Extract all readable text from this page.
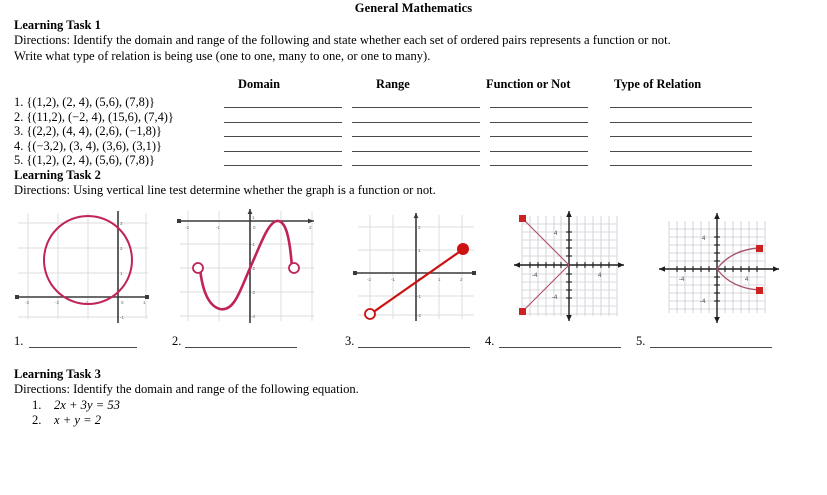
General Mathematics
Learning Task 1
Directions: Identify the domain and range of the following and state whether each set of ordered pairs represents a function or not.
Write what type of relation is being use (one to one, many to one, or one to many).
Domain	Range	Function or Not	Type of Relation
1. {(1,2), (2, 4), (5,6), (7,8)}
2. {(11,2), (−2, 4), (15,6), (7,4)}
3. {(2,2), (4, 4), (2,6), (−1,8)}
4. {(−3,2), (3, 4), (3,6), (3,1)}
5. {(1,2), (2, 4), (5,6), (7,8)}
Learning Task 2
Directions: Using vertical line test determine whether the graph is a function or not.
-3	-2	-1	0	1
1
2
3
-1
-2	-1	0	2
1
-1
-2
-3
-4
-2	-1	1	2
1
2
-1
-2
-4	4
4
-4
-4	4
4
-4
1.	2.	3.	4.	5.
Learning Task 3
Directions: Identify the domain and range of the following equation.
1. 2x + 3y = 53
2. x + y = 2
